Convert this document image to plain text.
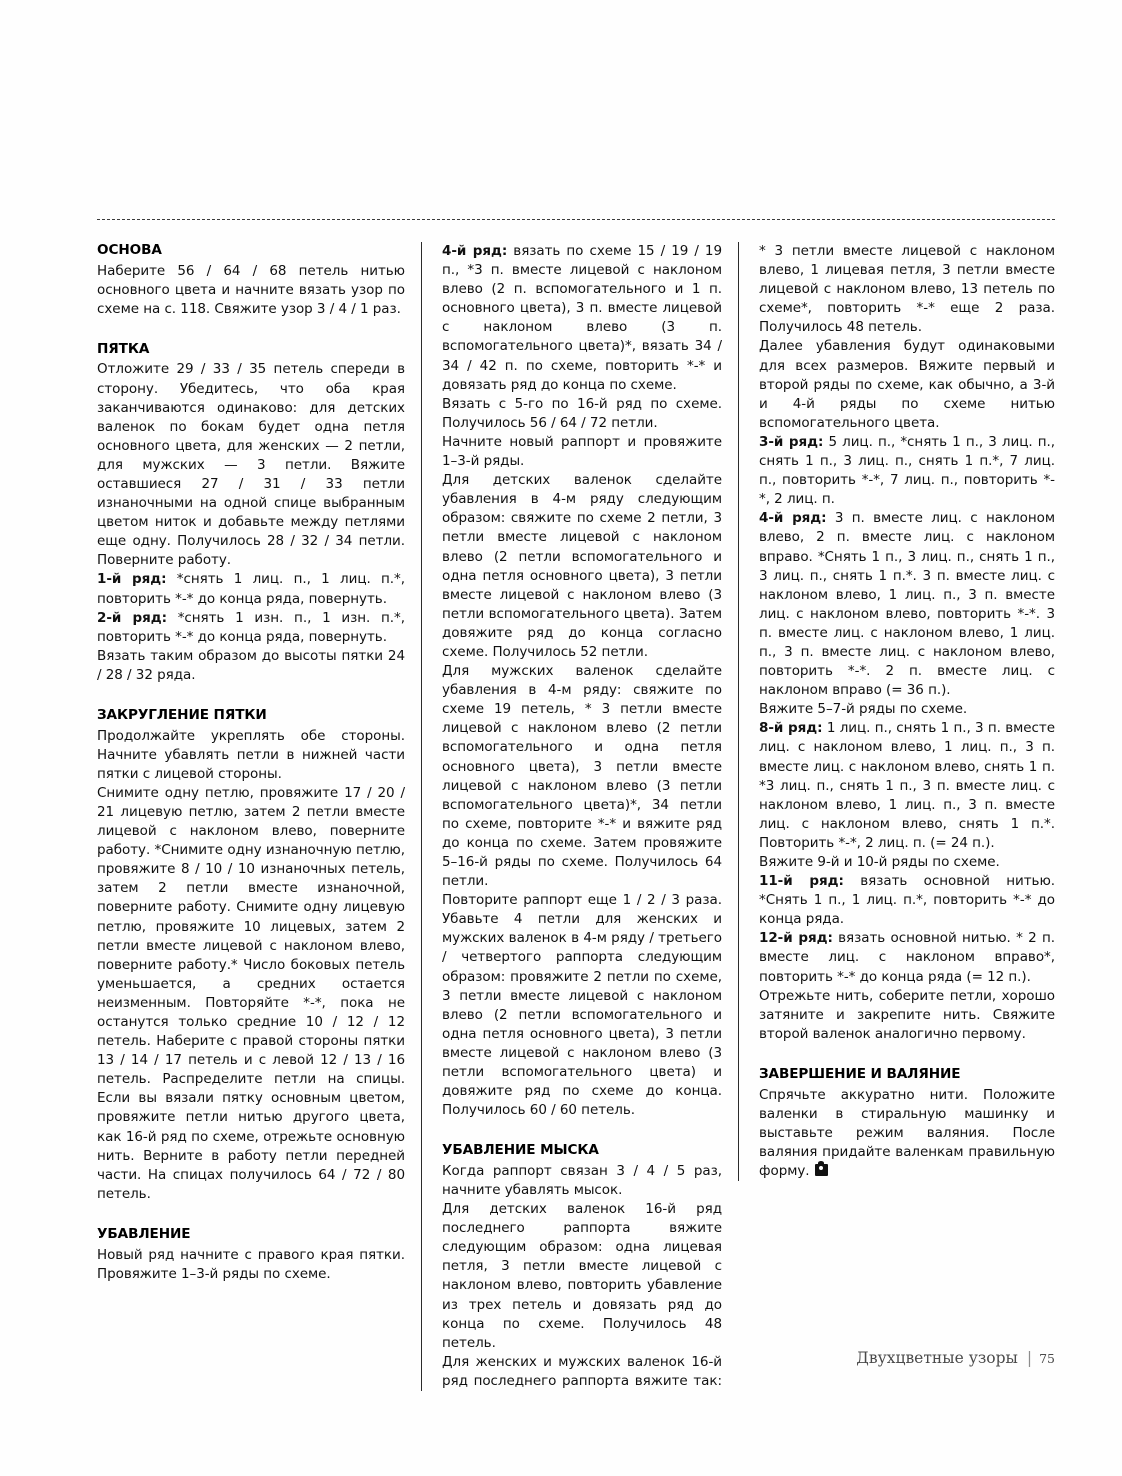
ОСНОВА

Наберите 56 / 64 / 68 петель нитью основного цвета и начните вязать узор по схеме на с. 118. Свяжите узор 3 / 4 / 1 раз.

ПЯТКА

Отложите 29 / 33 / 35 петель спереди в сторону. Убедитесь, что оба края заканчиваются одинаково: для детских валенок по бокам будет одна петля основного цвета, для женских — 2 петли, для мужских — 3 петли. Вяжите оставшиеся 27 / 31 / 33 петли изнаночными на одной спице выбранным цветом ниток и добавьте между петлями еще одну. Получилось 28 / 32 / 34 петли. Поверните работу.

1-й ряд: *снять 1 лиц. п., 1 лиц. п.*, повторить *-* до конца ряда, повернуть.

2-й ряд: *снять 1 изн. п., 1 изн. п.*, повторить *-* до конца ряда, повернуть.

Вязать таким образом до высоты пятки 24 / 28 / 32 ряда.

ЗАКРУГЛЕНИЕ ПЯТКИ

Продолжайте укреплять обе стороны. Начните убавлять петли в нижней части пятки с лицевой стороны.

Снимите одну петлю, провяжите 17 / 20 / 21 лицевую петлю, затем 2 петли вместе лицевой с наклоном влево, поверните работу. *Снимите одну изнаночную петлю, провяжите 8 / 10 / 10 изнаночных петель, затем 2 петли вместе изнаночной, поверните работу. Снимите одну лицевую петлю, провяжите 10 лицевых, затем 2 петли вместе лицевой с наклоном влево, поверните работу.* Число боковых петель уменьшается, а средних остается неизменным. Повторяйте *-*, пока не останутся только средние 10 / 12 / 12 петель. Наберите с правой стороны пятки 13 / 14 / 17 петель и с левой 12 / 13 / 16 петель. Распределите петли на спицы. Если вы вязали пятку основным цветом, провяжите петли нитью другого цвета, как 16-й ряд по схеме, отрежьте основную нить. Верните в работу петли передней части. На спицах получилось 64 / 72 / 80 петель.

УБАВЛЕНИЕ

Новый ряд начните с правого края пятки. Провяжите 1–3-й ряды по схеме.

4-й ряд: вязать по схеме 15 / 19 / 19 п., *3 п. вместе лицевой с наклоном влево (2 п. вспомогательного и 1 п. основного цвета), 3 п. вместе лицевой с наклоном влево (3 п. вспомогательного цвета)*, вязать 34 / 34 / 42 п. по схеме, повторить *-* и довязать ряд до конца по схеме.

Вязать с 5-го по 16-й ряд по схеме. Получилось 56 / 64 / 72 петли.

Начните новый раппорт и провяжите 1–3-й ряды.

Для детских валенок сделайте убавления в 4-м ряду следующим образом: свяжите по схеме 2 петли, 3 петли вместе лицевой с наклоном влево (2 петли вспомогательного и одна петля основного цвета), 3 петли вместе лицевой с наклоном влево (3 петли вспомогательного цвета). Затем довяжите ряд до конца согласно схеме. Получилось 52 петли.

Для мужских валенок сделайте убавления в 4-м ряду: свяжите по схеме 19 петель, * 3 петли вместе лицевой с наклоном влево (2 петли вспомогательного и одна петля основного цвета), 3 петли вместе лицевой с наклоном влево (3 петли вспомогательного цвета)*, 34 петли по схеме, повторите *-* и вяжите ряд до конца по схеме. Затем провяжите 5–16-й ряды по схеме. Получилось 64 петли.

Повторите раппорт еще 1 / 2 / 3 раза. Убавьте 4 петли для женских и мужских валенок в 4-м ряду / третьего / четвертого раппорта следующим образом: провяжите 2 петли по схеме, 3 петли вместе лицевой с наклоном влево (2 петли вспомогательного и одна петля основного цвета), 3 петли вместе лицевой с наклоном влево (3 петли вспомогательного цвета) и довяжите ряд по схеме до конца. Получилось 60 / 60 петель.

УБАВЛЕНИЕ МЫСКА

Когда раппорт связан 3 / 4 / 5 раз, начните убавлять мысок.

Для детских валенок 16-й ряд последнего раппорта вяжите следующим образом: одна лицевая петля, 3 петли вместе лицевой с наклоном влево, повторить убавление из трех петель и довязать ряд до конца по схеме. Получилось 48 петель.

Для женских и мужских валенок 16-й ряд последнего раппорта вяжите так:

* 3 петли вместе лицевой с наклоном влево, 1 лицевая петля, 3 петли вместе лицевой с наклоном влево, 13 петель по схеме*, повторить *-* еще 2 раза. Получилось 48 петель.

Далее убавления будут одинаковыми для всех размеров. Вяжите первый и второй ряды по схеме, как обычно, а 3-й и 4-й ряды по схеме нитью вспомогательного цвета.

3-й ряд: 5 лиц. п., *снять 1 п., 3 лиц. п., снять 1 п., 3 лиц. п., снять 1 п.*, 7 лиц. п., повторить *-*, 7 лиц. п., повторить *-*, 2 лиц. п.

4-й ряд: 3 п. вместе лиц. с наклоном влево, 2 п. вместе лиц. с наклоном вправо. *Снять 1 п., 3 лиц. п., снять 1 п., 3 лиц. п., снять 1 п.*. 3 п. вместе лиц. с наклоном влево, 1 лиц. п., 3 п. вместе лиц. с наклоном влево, повторить *-*. 3 п. вместе лиц. с наклоном влево, 1 лиц. п., 3 п. вместе лиц. с наклоном влево, повторить *-*. 2 п. вместе лиц. с наклоном вправо (= 36 п.).

Вяжите 5–7-й ряды по схеме.

8-й ряд: 1 лиц. п., снять 1 п., 3 п. вместе лиц. с наклоном влево, 1 лиц. п., 3 п. вместе лиц. с наклоном влево, снять 1 п. *3 лиц. п., снять 1 п., 3 п. вместе лиц. с наклоном влево, 1 лиц. п., 3 п. вместе лиц. с наклоном влево, снять 1 п.*. Повторить *-*, 2 лиц. п. (= 24 п.).

Вяжите 9-й и 10-й ряды по схеме.

11-й ряд: вязать основной нитью. *Снять 1 п., 1 лиц. п.*, повторить *-* до конца ряда.

12-й ряд: вязать основной нитью. * 2 п. вместе лиц. с наклоном вправо*, повторить *-* до конца ряда (= 12 п.).

Отрежьте нить, соберите петли, хорошо затяните и закрепите нить. Свяжите второй валенок аналогично первому.

ЗАВЕРШЕНИЕ И ВАЛЯНИЕ

Спрячьте аккуратно нити. Положите валенки в стиральную машинку и выставьте режим валяния. После валяния придайте валенкам правильную форму.

Двухцветные узоры | 75
